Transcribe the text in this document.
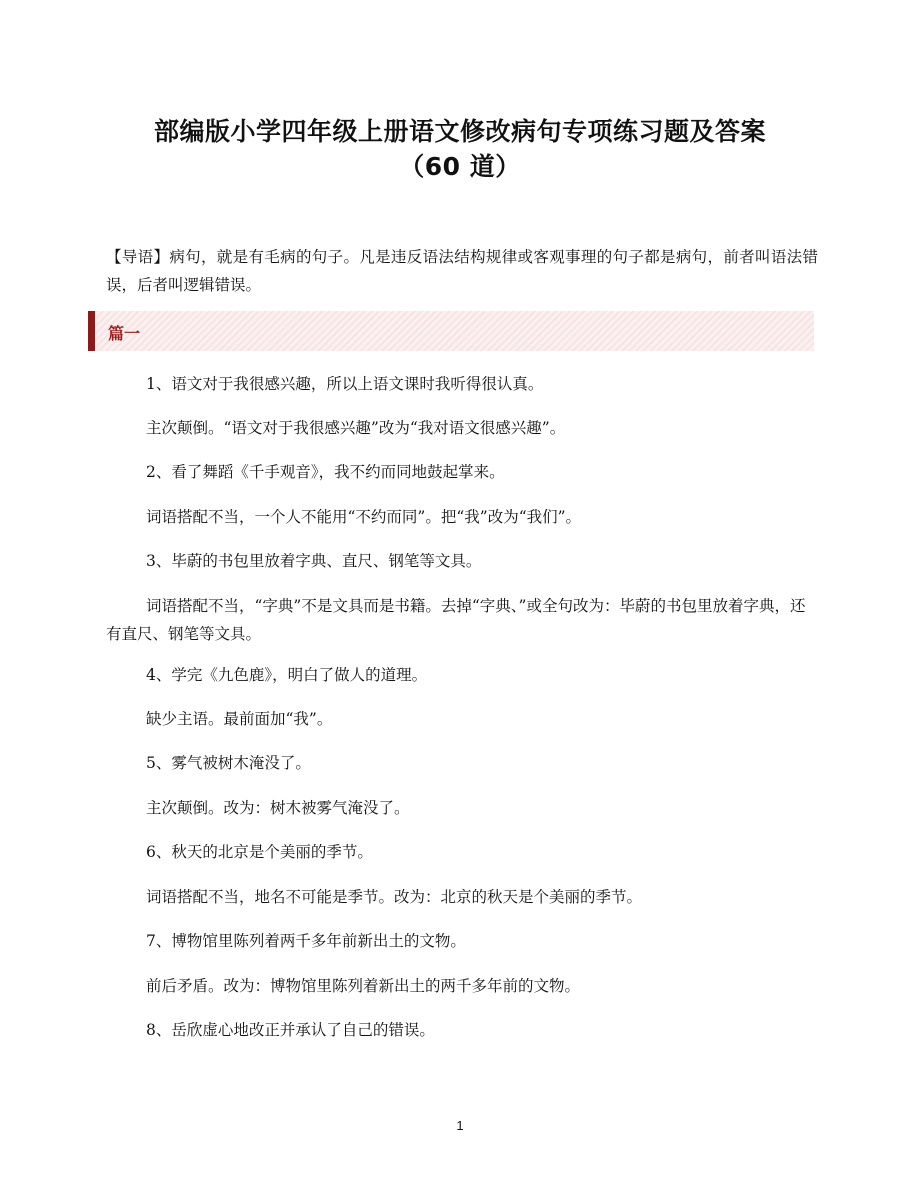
部编版小学四年级上册语文修改病句专项练习题及答案
（60 道）

【导语】病句，就是有毛病的句子。凡是违反语法结构规律或客观事理的句子都是病句，前者叫语法错误，后者叫逻辑错误。

篇一

1、语文对于我很感兴趣，所以上语文课时我听得很认真。

主次颠倒。“语文对于我很感兴趣”改为“我对语文很感兴趣”。

2、看了舞蹈《千手观音》，我不约而同地鼓起掌来。

词语搭配不当，一个人不能用“不约而同”。把“我”改为“我们”。

3、毕蔚的书包里放着字典、直尺、钢笔等文具。

词语搭配不当，“字典”不是文具而是书籍。去掉“字典、”或全句改为：毕蔚的书包里放着字典，还有直尺、钢笔等文具。

4、学完《九色鹿》，明白了做人的道理。

缺少主语。最前面加“我”。

5、雾气被树木淹没了。

主次颠倒。改为：树木被雾气淹没了。

6、秋天的北京是个美丽的季节。

词语搭配不当，地名不可能是季节。改为：北京的秋天是个美丽的季节。

7、博物馆里陈列着两千多年前新出土的文物。

前后矛盾。改为：博物馆里陈列着新出土的两千多年前的文物。

8、岳欣虚心地改正并承认了自己的错误。

1
